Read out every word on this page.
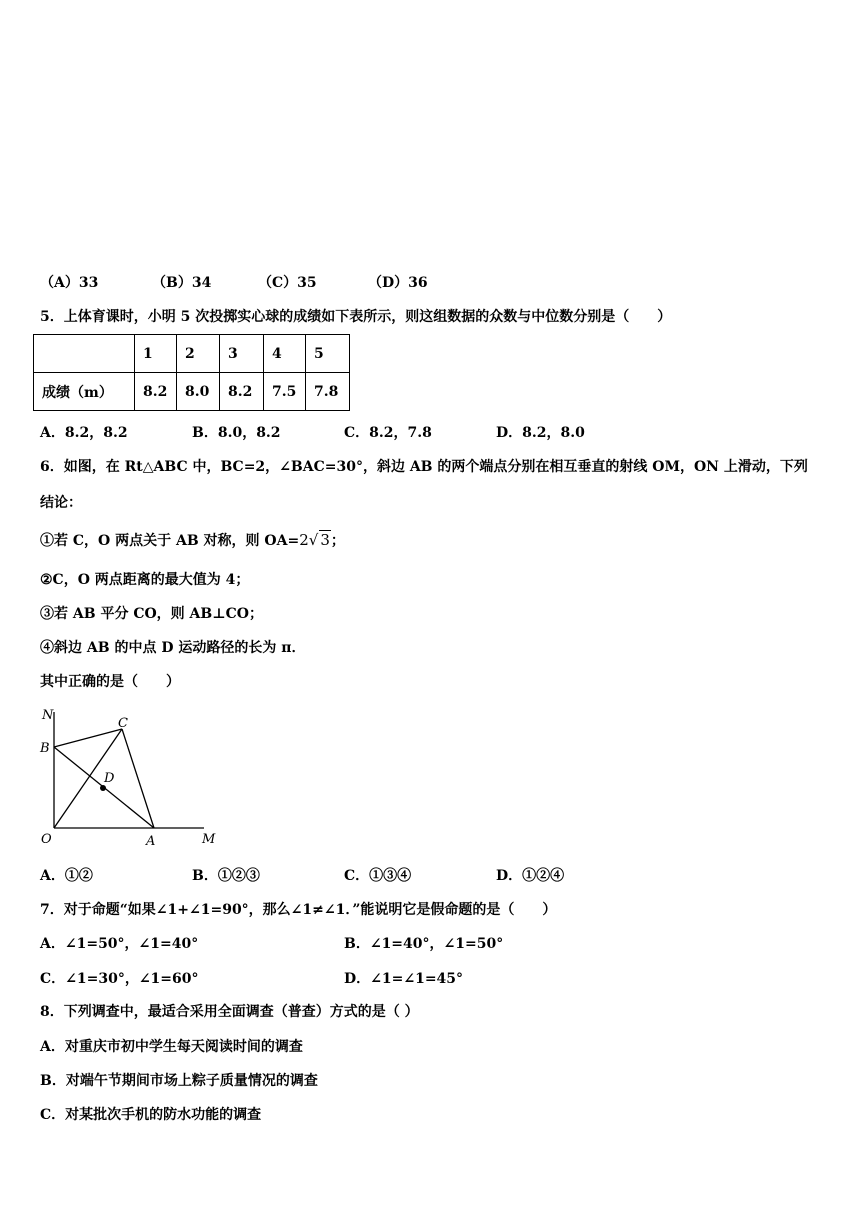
（A）33	（B）34	（C）35	（D）36
5．上体育课时，小明 5 次投掷实心球的成绩如下表所示，则这组数据的众数与中位数分别是（　　）
	1	2	3	4	5
成绩（m）	8.2	8.0	8.2	7.5	7.8
A．8.2，8.2	B．8.0，8.2	C．8.2，7.8	D．8.2，8.0
6．如图，在 Rt△ABC 中，BC=2，∠BAC=30°，斜边 AB 的两个端点分别在相互垂直的射线 OM，ON 上滑动，下列
结论：
①若 C，O 两点关于 AB 对称，则 OA=2√ 3；
②C，O 两点距离的最大值为 4；
③若 AB 平分 CO，则 AB⊥CO；
④斜边 AB 的中点 D 运动路径的长为 π．
其中正确的是（　　）
N
B
C
D
O	A	M
A．①②	B．①②③	C．①③④	D．①②④
7．对于命题“如果∠1+∠1=90°，那么∠1≠∠1．”能说明它是假命题的是（　　）
A．∠1=50°，∠1=40°	B．∠1=40°，∠1=50°
C．∠1=30°，∠1=60°	D．∠1=∠1=45°
8．下列调查中，最适合采用全面调查（普查）方式的是（ ）
A．对重庆市初中学生每天阅读时间的调查
B．对端午节期间市场上粽子质量情况的调查
C．对某批次手机的防水功能的调查
